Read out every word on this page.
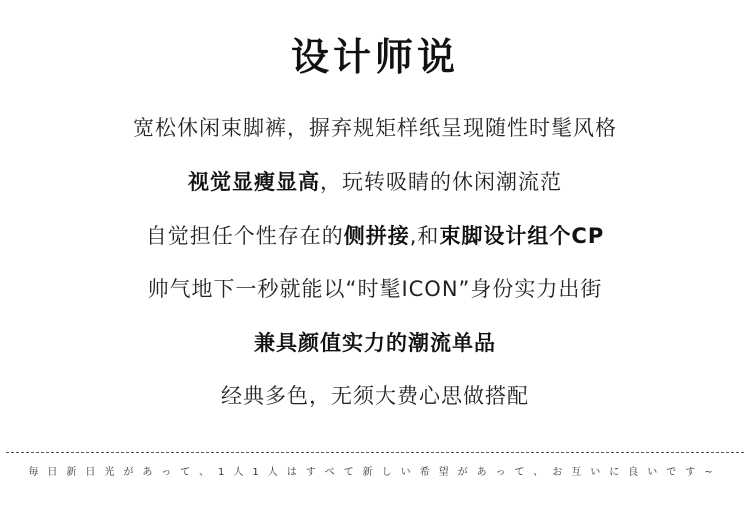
设计师说
宽松休闲束脚裤，摒弃规矩样纸呈现随性时髦风格
视觉显瘦显高，玩转吸睛的休闲潮流范
自觉担任个性存在的侧拼接,和束脚设计组个CP
帅气地下一秒就能以“时髦ICON”身份实力出街
兼具颜值实力的潮流单品
经典多色，无须大费心思做搭配
毎日新日光があって、1人1人はすべて新しい希望があって、お互いに良いです~
